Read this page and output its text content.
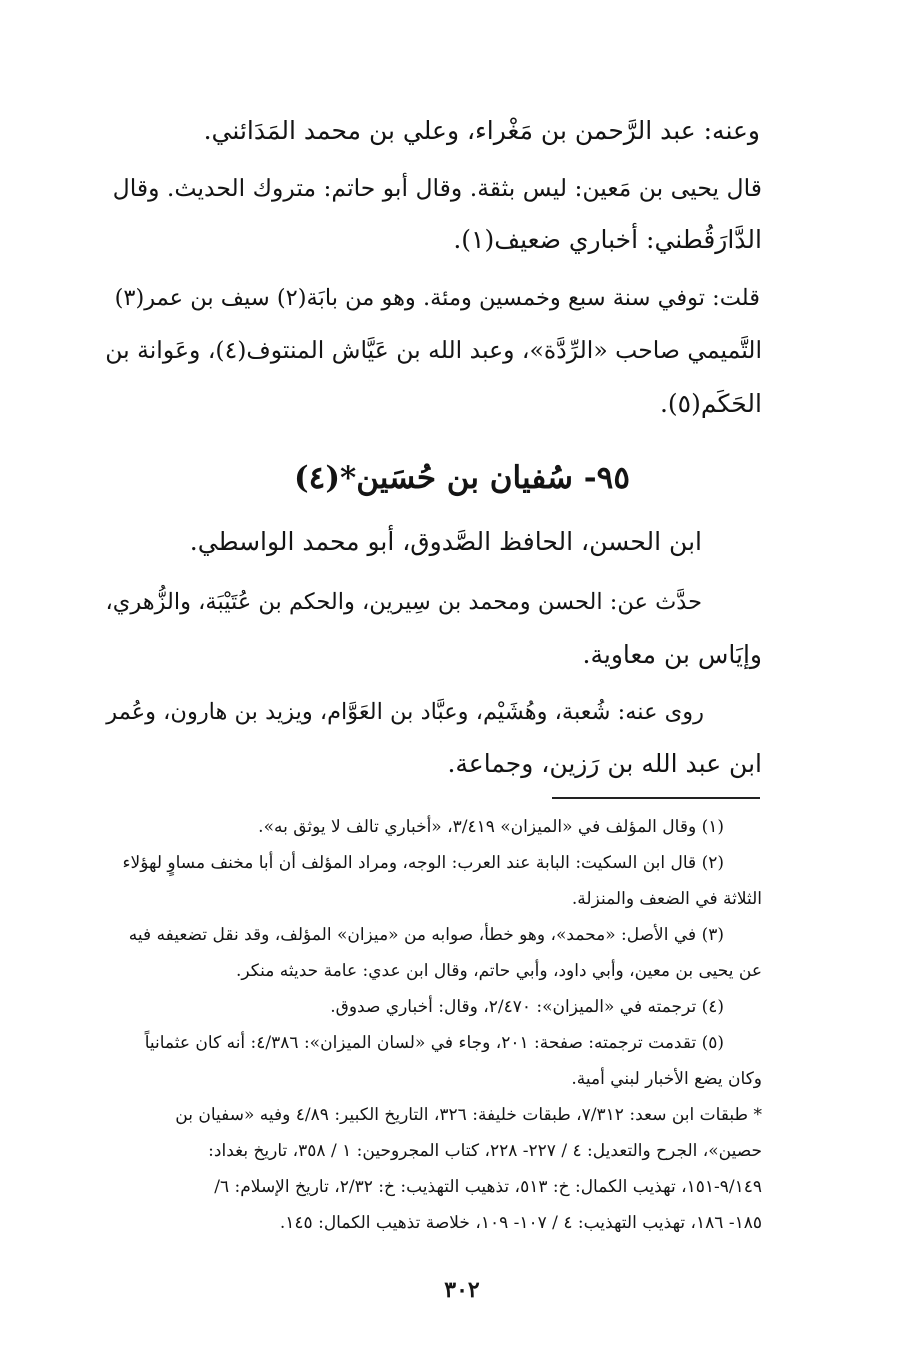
وعنه: عبد الرَّحمن بن مَغْراء، وعلي بن محمد المَدَائني.
قال يحيى بن مَعين: ليس بثقة. وقال أبو حاتم: متروك الحديث. وقال
الدَّارَقُطني: أخباري ضعيف(١).
قلت: توفي سنة سبع وخمسين ومئة. وهو من بابَة(٢) سيف بن عمر(٣)
التَّميمي صاحب «الرِّدَّة»، وعبد الله بن عَيَّاش المنتوف(٤)، وعَوانة بن
الحَكَم(٥).
٩٥- سُفيان بن حُسَين*(٤)
ابن الحسن، الحافظ الصَّدوق، أبو محمد الواسطي.
حدَّث عن: الحسن ومحمد بن سِيرين، والحكم بن عُتَيْبَة، والزُّهري،
وإيَاس بن معاوية.
روى عنه: شُعبة، وهُشَيْم، وعبَّاد بن العَوَّام، ويزيد بن هارون، وعُمر
ابن عبد الله بن رَزين، وجماعة.
(١) وقال المؤلف في «الميزان» ٣/٤١٩، «أخباري تالف لا يوثق به».
(٢) قال ابن السكيت: البابة عند العرب: الوجه، ومراد المؤلف أن أبا مخنف مساوٍ لهؤلاء
الثلاثة في الضعف والمنزلة.
(٣) في الأصل: «محمد»، وهو خطأ، صوابه من «ميزان» المؤلف، وقد نقل تضعيفه فيه
عن يحيى بن معين، وأبي داود، وأبي حاتم، وقال ابن عدي: عامة حديثه منكر.
(٤) ترجمته في «الميزان»: ٢/٤٧٠، وقال: أخباري صدوق.
(٥) تقدمت ترجمته: صفحة: ٢٠١، وجاء في «لسان الميزان»: ٤/٣٨٦: أنه كان عثمانياً
وكان يضع الأخبار لبني أمية.
* طبقات ابن سعد: ٧/٣١٢، طبقات خليفة: ٣٢٦، التاريخ الكبير: ٤/٨٩ وفيه «سفيان بن
حصين»، الجرح والتعديل: ٤ / ٢٢٧- ٢٢٨، كتاب المجروحين: ١ / ٣٥٨، تاريخ بغداد:
٩/١٤٩-١٥١، تهذيب الكمال: خ: ٥١٣، تذهيب التهذيب: خ: ٢/٣٢، تاريخ الإسلام: ٦/
١٨٥- ١٨٦، تهذيب التهذيب: ٤ / ١٠٧- ١٠٩، خلاصة تذهيب الكمال: ١٤٥.
٣٠٢
